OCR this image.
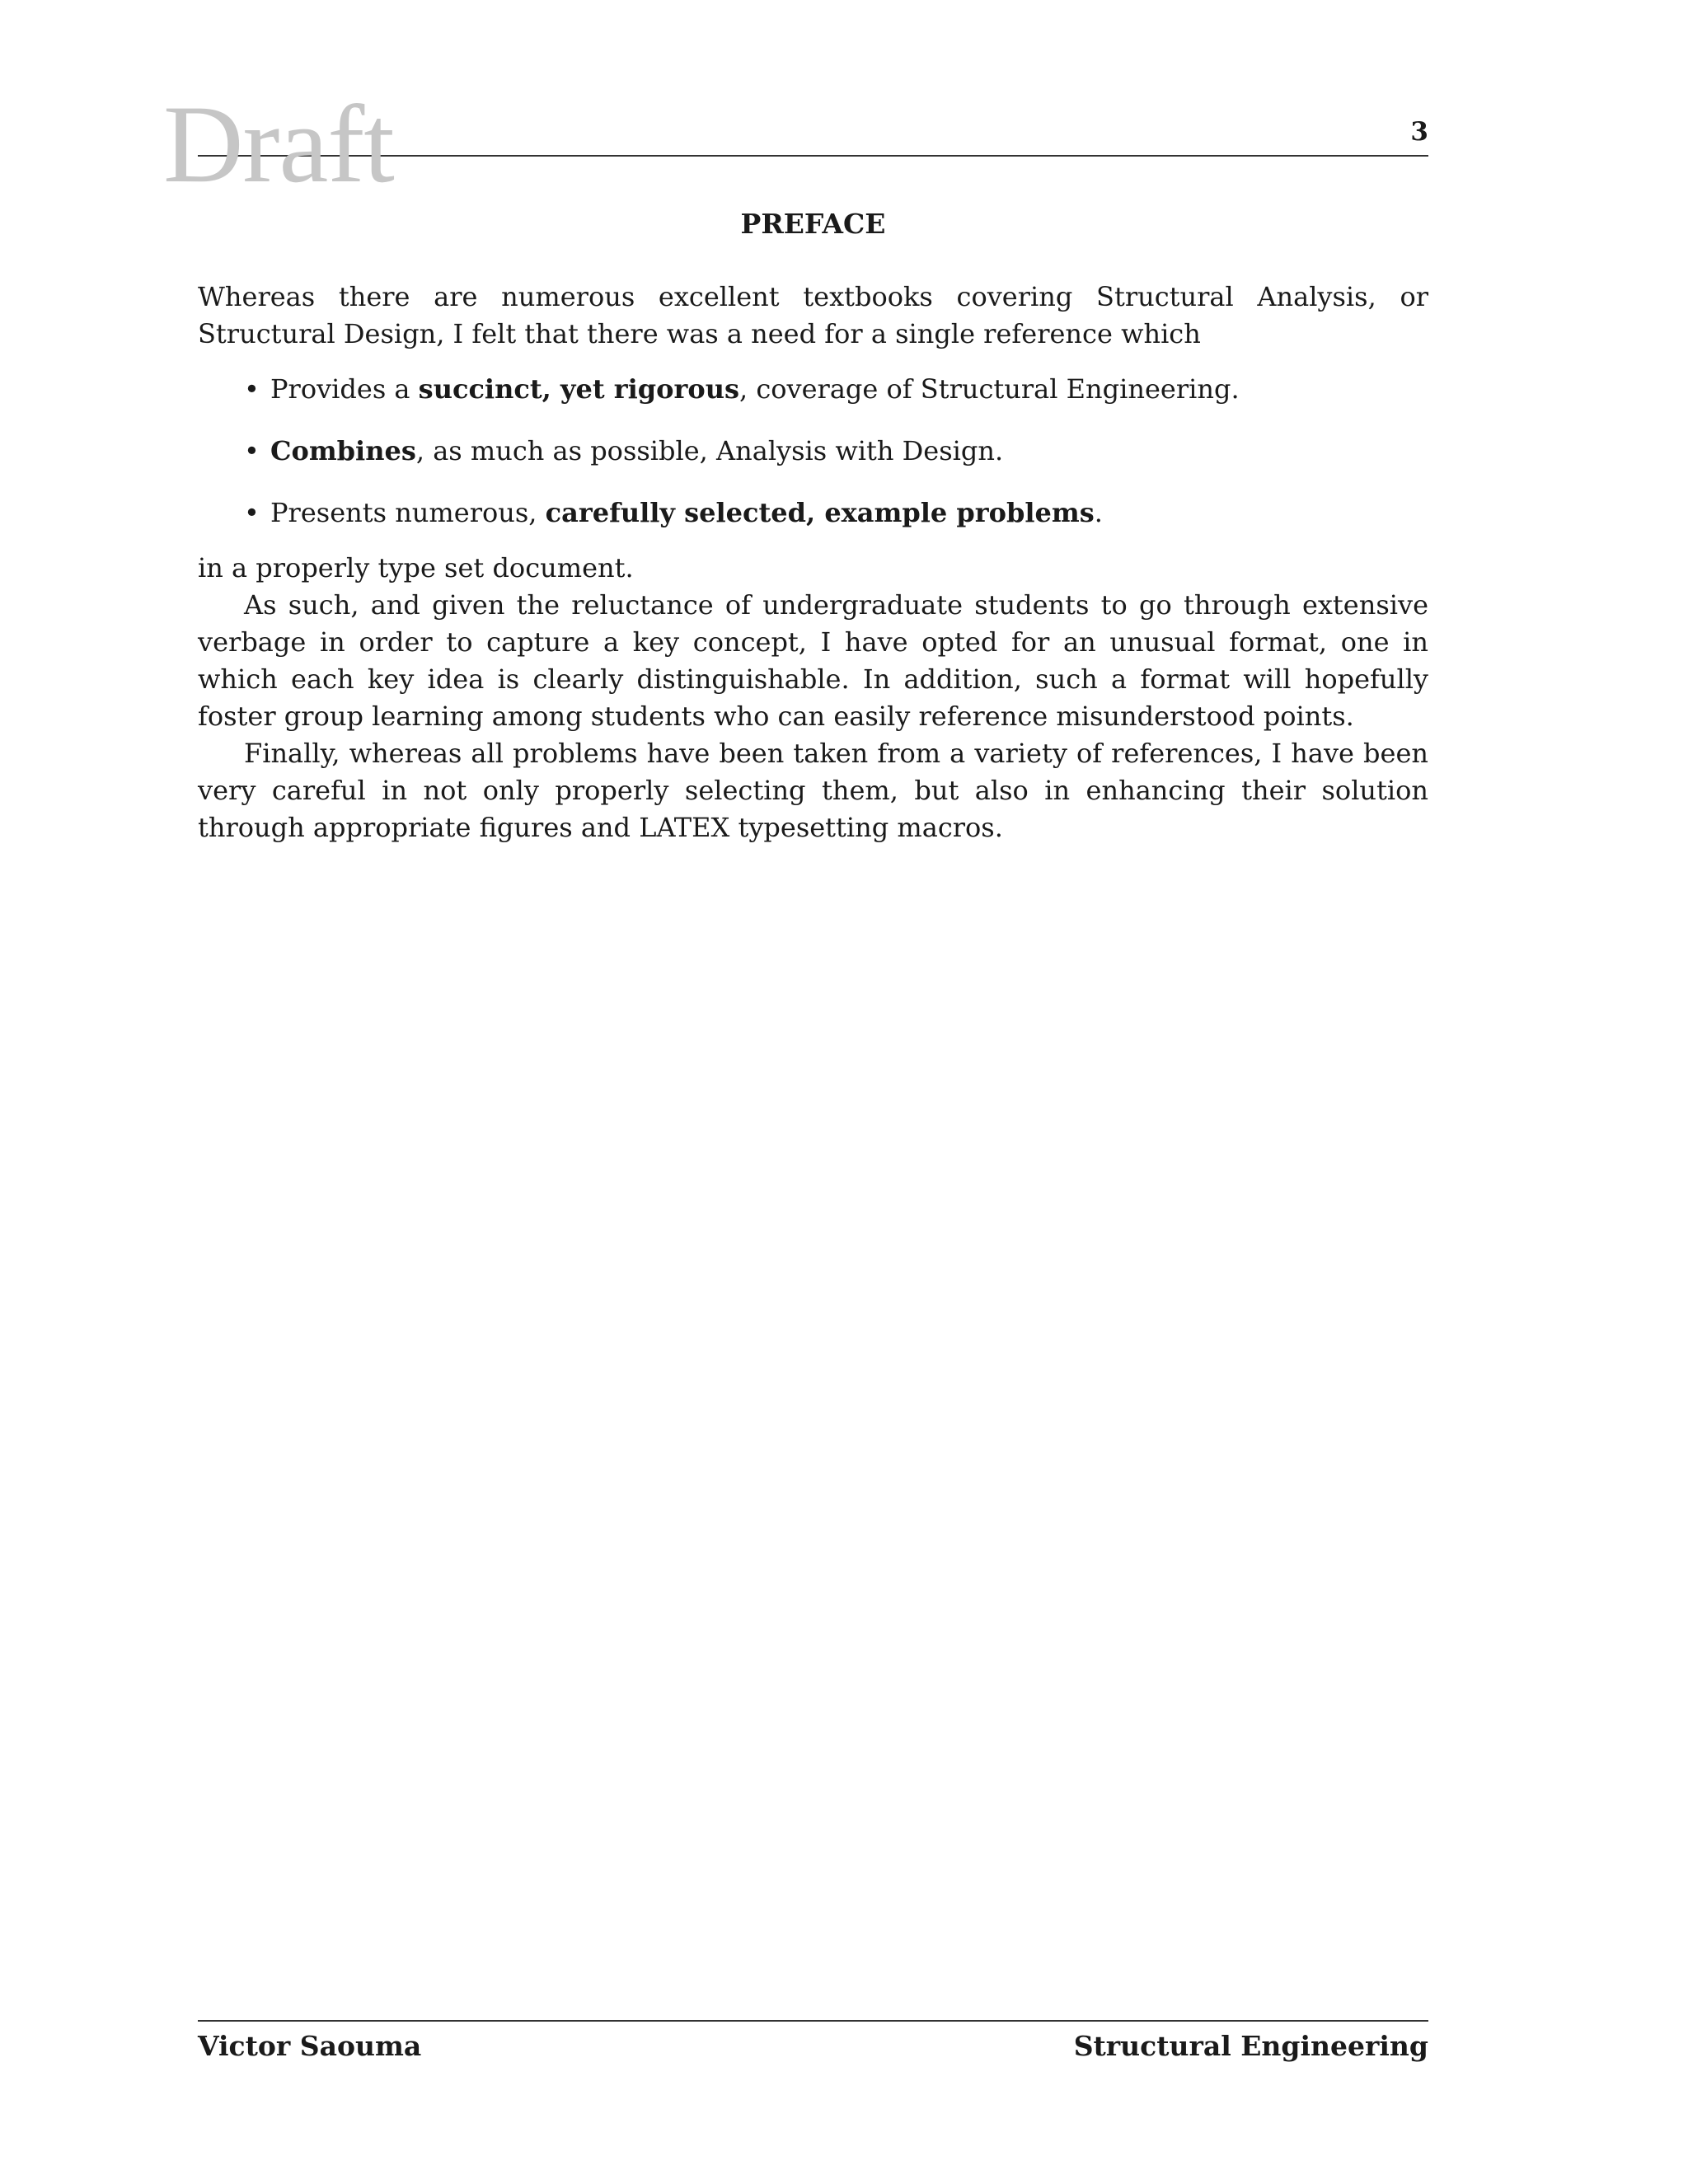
Draft	3
PREFACE

Whereas there are numerous excellent textbooks covering Structural Analysis, or Structural Design, I felt that there was a need for a single reference which

• Provides a succinct, yet rigorous, coverage of Structural Engineering.
• Combines, as much as possible, Analysis with Design.
• Presents numerous, carefully selected, example problems.

in a properly type set document.

As such, and given the reluctance of undergraduate students to go through extensive verbage in order to capture a key concept, I have opted for an unusual format, one in which each key idea is clearly distinguishable. In addition, such a format will hopefully foster group learning among students who can easily reference misunderstood points.

Finally, whereas all problems have been taken from a variety of references, I have been very careful in not only properly selecting them, but also in enhancing their solution through appropriate figures and LATEX typesetting macros.

Victor Saouma	Structural Engineering
